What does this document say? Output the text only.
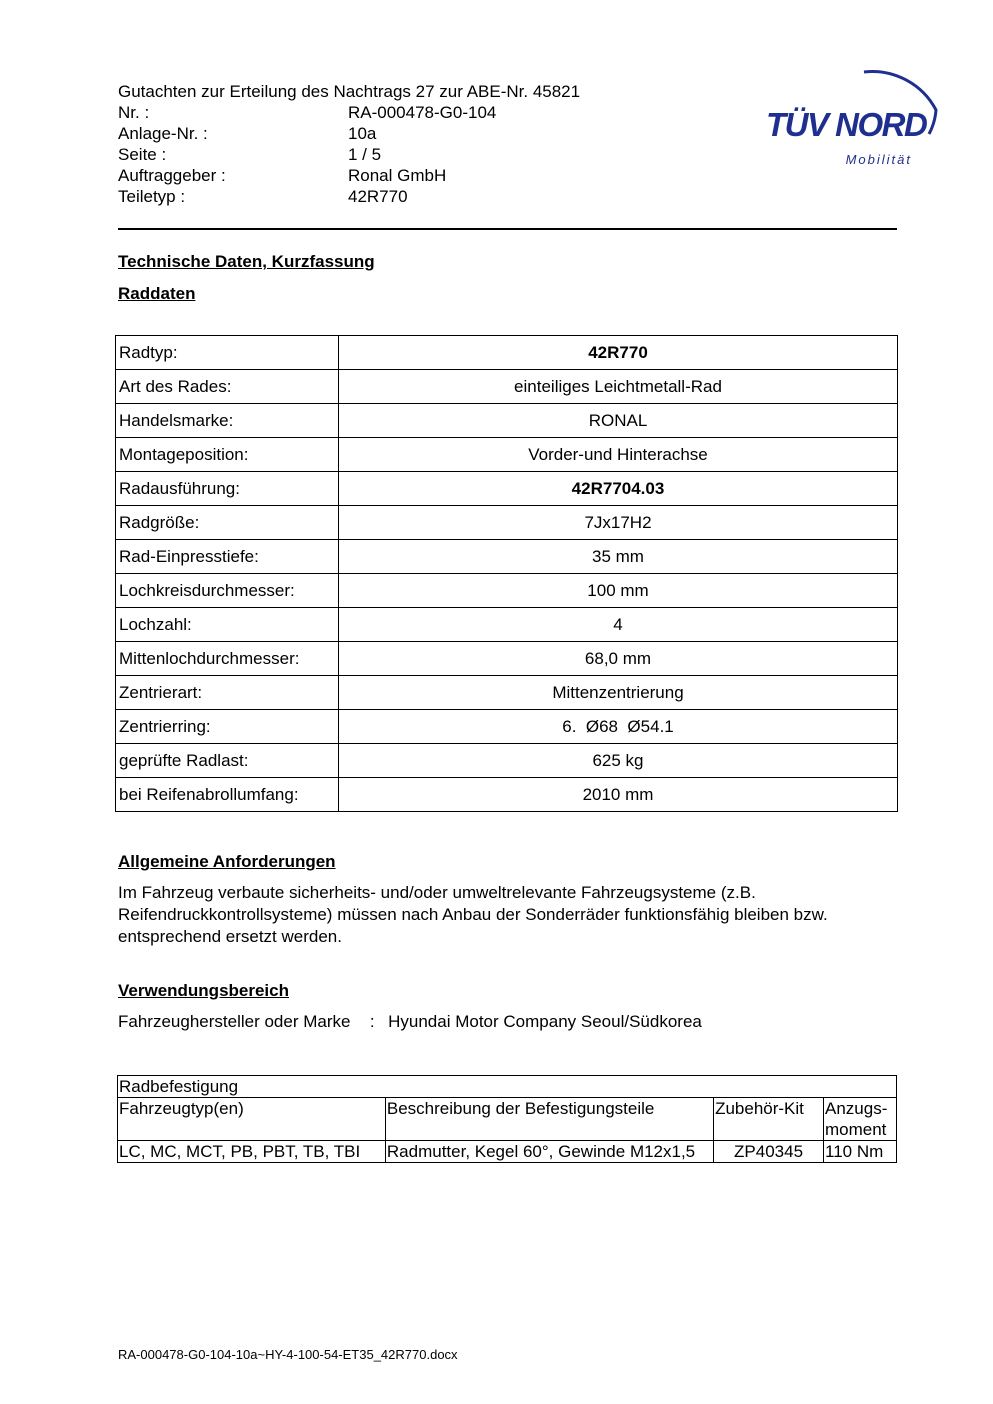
Gutachten zur Erteilung des Nachtrags 27 zur ABE-Nr. 45821
Nr. :	RA-000478-G0-104
Anlage-Nr. :	10a
Seite :	1 / 5
Auftraggeber :	Ronal GmbH
Teiletyp :	42R770
TÜV NORD
Mobilität
Technische Daten, Kurzfassung
Raddaten
Radtyp:	42R770
Art des Rades:	einteiliges Leichtmetall-Rad
Handelsmarke:	RONAL
Montageposition:	Vorder-und Hinterachse
Radausführung:	42R7704.03
Radgröße:	7Jx17H2
Rad-Einpresstiefe:	35 mm
Lochkreisdurchmesser:	100 mm
Lochzahl:	4
Mittenlochdurchmesser:	68,0 mm
Zentrierart:	Mittenzentrierung
Zentrierring:	6.  Ø68  Ø54.1
geprüfte Radlast:	625 kg
bei Reifenabrollumfang:	2010 mm
Allgemeine Anforderungen
Im Fahrzeug verbaute sicherheits- und/oder umweltrelevante Fahrzeugsysteme (z.B. Reifendruckkontrollsysteme) müssen nach Anbau der Sonderräder funktionsfähig bleiben bzw. entsprechend ersetzt werden.
Verwendungsbereich
Fahrzeughersteller oder Marke : Hyundai Motor Company Seoul/Südkorea
Radbefestigung			
Fahrzeugtyp(en)	Beschreibung der Befestigungsteile	Zubehör-Kit	Anzugs-moment
LC, MC, MCT, PB, PBT, TB, TBI	Radmutter, Kegel 60°, Gewinde M12x1,5	ZP40345	110 Nm
RA-000478-G0-104-10a~HY-4-100-54-ET35_42R770.docx
